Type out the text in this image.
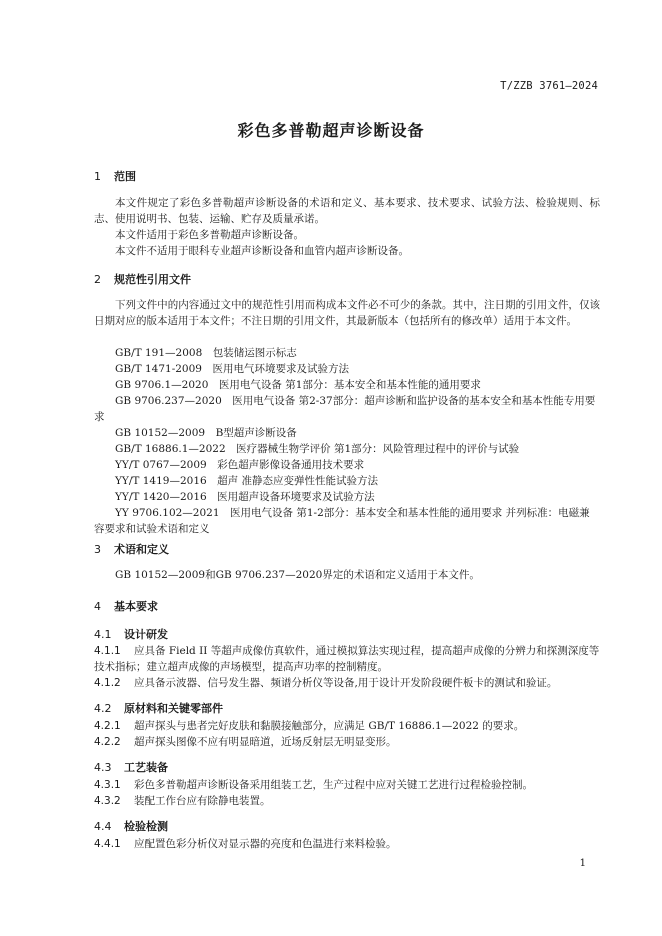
T/ZZB 3761—2024
彩色多普勒超声诊断设备
1 范围
本文件规定了彩色多普勒超声诊断设备的术语和定义、基本要求、技术要求、试验方法、检验规则、标志、使用说明书、包装、运输、贮存及质量承诺。
本文件适用于彩色多普勒超声诊断设备。
本文件不适用于眼科专业超声诊断设备和血管内超声诊断设备。
2 规范性引用文件
下列文件中的内容通过文中的规范性引用而构成本文件必不可少的条款。其中，注日期的引用文件，仅该日期对应的版本适用于本文件；不注日期的引用文件，其最新版本（包括所有的修改单）适用于本文件。
GB/T 191—2008　包装储运图示标志
GB/T 1471-2009　医用电气环境要求及试验方法
GB 9706.1—2020　医用电气设备 第1部分：基本安全和基本性能的通用要求
GB 9706.237—2020　医用电气设备 第2-37部分：超声诊断和监护设备的基本安全和基本性能专用要求
GB 10152—2009　B型超声诊断设备
GB/T 16886.1—2022　医疗器械生物学评价 第1部分：风险管理过程中的评价与试验
YY/T 0767—2009　彩色超声影像设备通用技术要求
YY/T 1419—2016　超声 准静态应变弹性性能试验方法
YY/T 1420—2016　医用超声设备环境要求及试验方法
YY 9706.102—2021　医用电气设备 第1-2部分：基本安全和基本性能的通用要求 并列标准：电磁兼容要求和试验术语和定义
3 术语和定义
GB 10152—2009和GB 9706.237—2020界定的术语和定义适用于本文件。
4 基本要求
4.1 设计研发
4.1.1 应具备 Field II 等超声成像仿真软件，通过模拟算法实现过程，提高超声成像的分辨力和探测深度等技术指标；建立超声成像的声场模型，提高声功率的控制精度。
4.1.2 应具备示波器、信号发生器、频谱分析仪等设备,用于设计开发阶段硬件板卡的测试和验证。
4.2 原材料和关键零部件
4.2.1 超声探头与患者完好皮肤和黏膜接触部分，应满足 GB/T 16886.1—2022 的要求。
4.2.2 超声探头图像不应有明显暗道，近场反射层无明显变形。
4.3 工艺装备
4.3.1 彩色多普勒超声诊断设备采用组装工艺，生产过程中应对关键工艺进行过程检验控制。
4.3.2 装配工作台应有除静电装置。
4.4 检验检测
4.4.1 应配置色彩分析仪对显示器的亮度和色温进行来料检验。
1
